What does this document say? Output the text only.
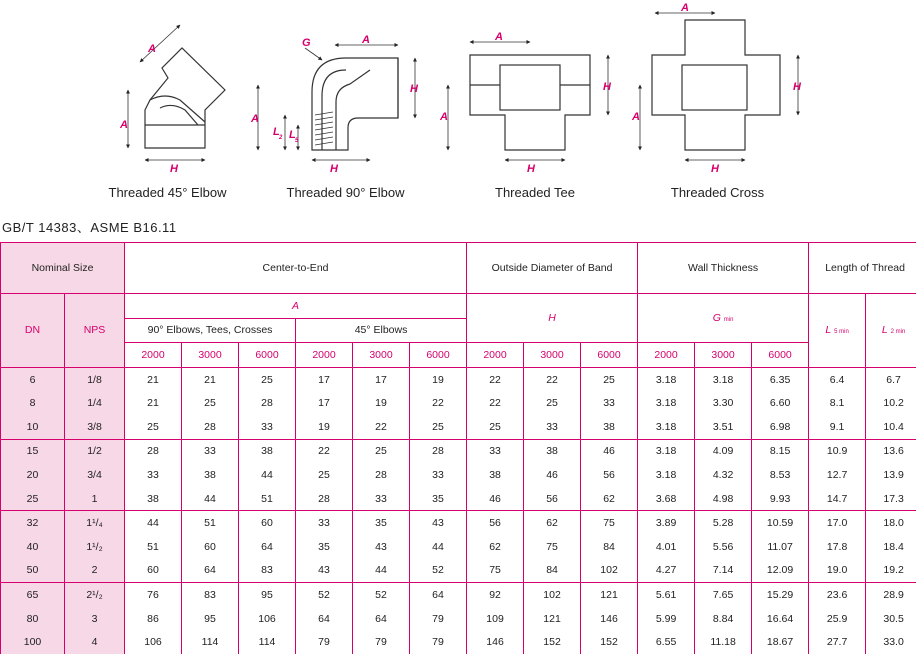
A
A
H
A
G
A
L 2 L 5
H
H
A
A
H
H
A
A
H
H
Threaded 45° Elbow	Threaded 90° Elbow	Threaded Tee	Threaded Cross
GB/T 14383、ASME B16.11
Nominal Size		Center-to-End						Outside Diameter of Band			Wall Thickness			Length of Thread	
DN	NPS	A						H			G min			L 5 min	L 2 min
		90° Elbows, Tees, Crosses			45° Elbows										
		2000	3000	6000	2000	3000	6000	2000	3000	6000	2000	3000	6000		
6	1/8	21	21	25	17	17	19	22	22	25	3.18	3.18	6.35	6.4	6.7
8	1/4	21	25	28	17	19	22	22	25	33	3.18	3.30	6.60	8.1	10.2
10	3/8	25	28	33	19	22	25	25	33	38	3.18	3.51	6.98	9.1	10.4
15	1/2	28	33	38	22	25	28	33	38	46	3.18	4.09	8.15	10.9	13.6
20	3/4	33	38	44	25	28	33	38	46	56	3.18	4.32	8.53	12.7	13.9
25	1	38	44	51	28	33	35	46	56	62	3.68	4.98	9.93	14.7	17.3
32	1¹/₄	44	51	60	33	35	43	56	62	75	3.89	5.28	10.59	17.0	18.0
40	1¹/₂	51	60	64	35	43	44	62	75	84	4.01	5.56	11.07	17.8	18.4
50	2	60	64	83	43	44	52	75	84	102	4.27	7.14	12.09	19.0	19.2
65	2¹/₂	76	83	95	52	52	64	92	102	121	5.61	7.65	15.29	23.6	28.9
80	3	86	95	106	64	64	79	109	121	146	5.99	8.84	16.64	25.9	30.5
100	4	106	114	114	79	79	79	146	152	152	6.55	11.18	18.67	27.7	33.0
